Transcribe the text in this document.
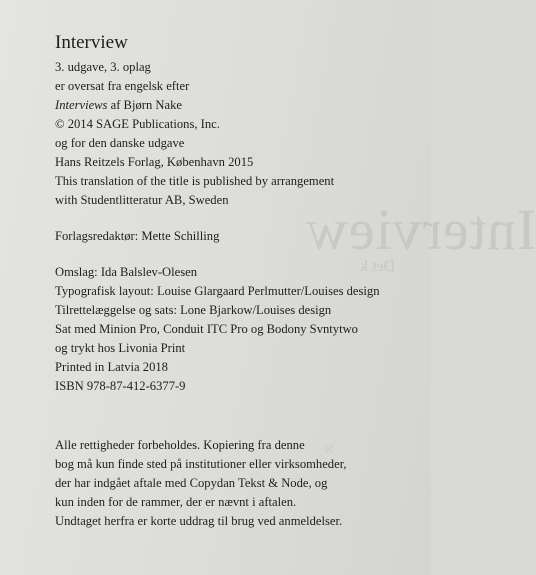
Interview
Det k
N
Interview
3. udgave, 3. oplag
er oversat fra engelsk efter
Interviews af Bjørn Nake
© 2014 SAGE Publications, Inc.
og for den danske udgave
Hans Reitzels Forlag, København 2015
This translation of the title is published by arrangement
with Studentlitteratur AB, Sweden
Forlagsredaktør: Mette Schilling
Omslag: Ida Balslev-Olesen
Typografisk layout: Louise Glargaard Perlmutter/Louises design
Tilrettelæggelse og sats: Lone Bjarkow/Louises design
Sat med Minion Pro, Conduit ITC Pro og Bodony Svntytwo
og trykt hos Livonia Print
Printed in Latvia 2018
ISBN 978-87-412-6377-9
Alle rettigheder forbeholdes. Kopiering fra denne
bog må kun finde sted på institutioner eller virksomheder,
der har indgået aftale med Copydan Tekst & Node, og
kun inden for de rammer, der er nævnt i aftalen.
Undtaget herfra er korte uddrag til brug ved anmeldelser.
